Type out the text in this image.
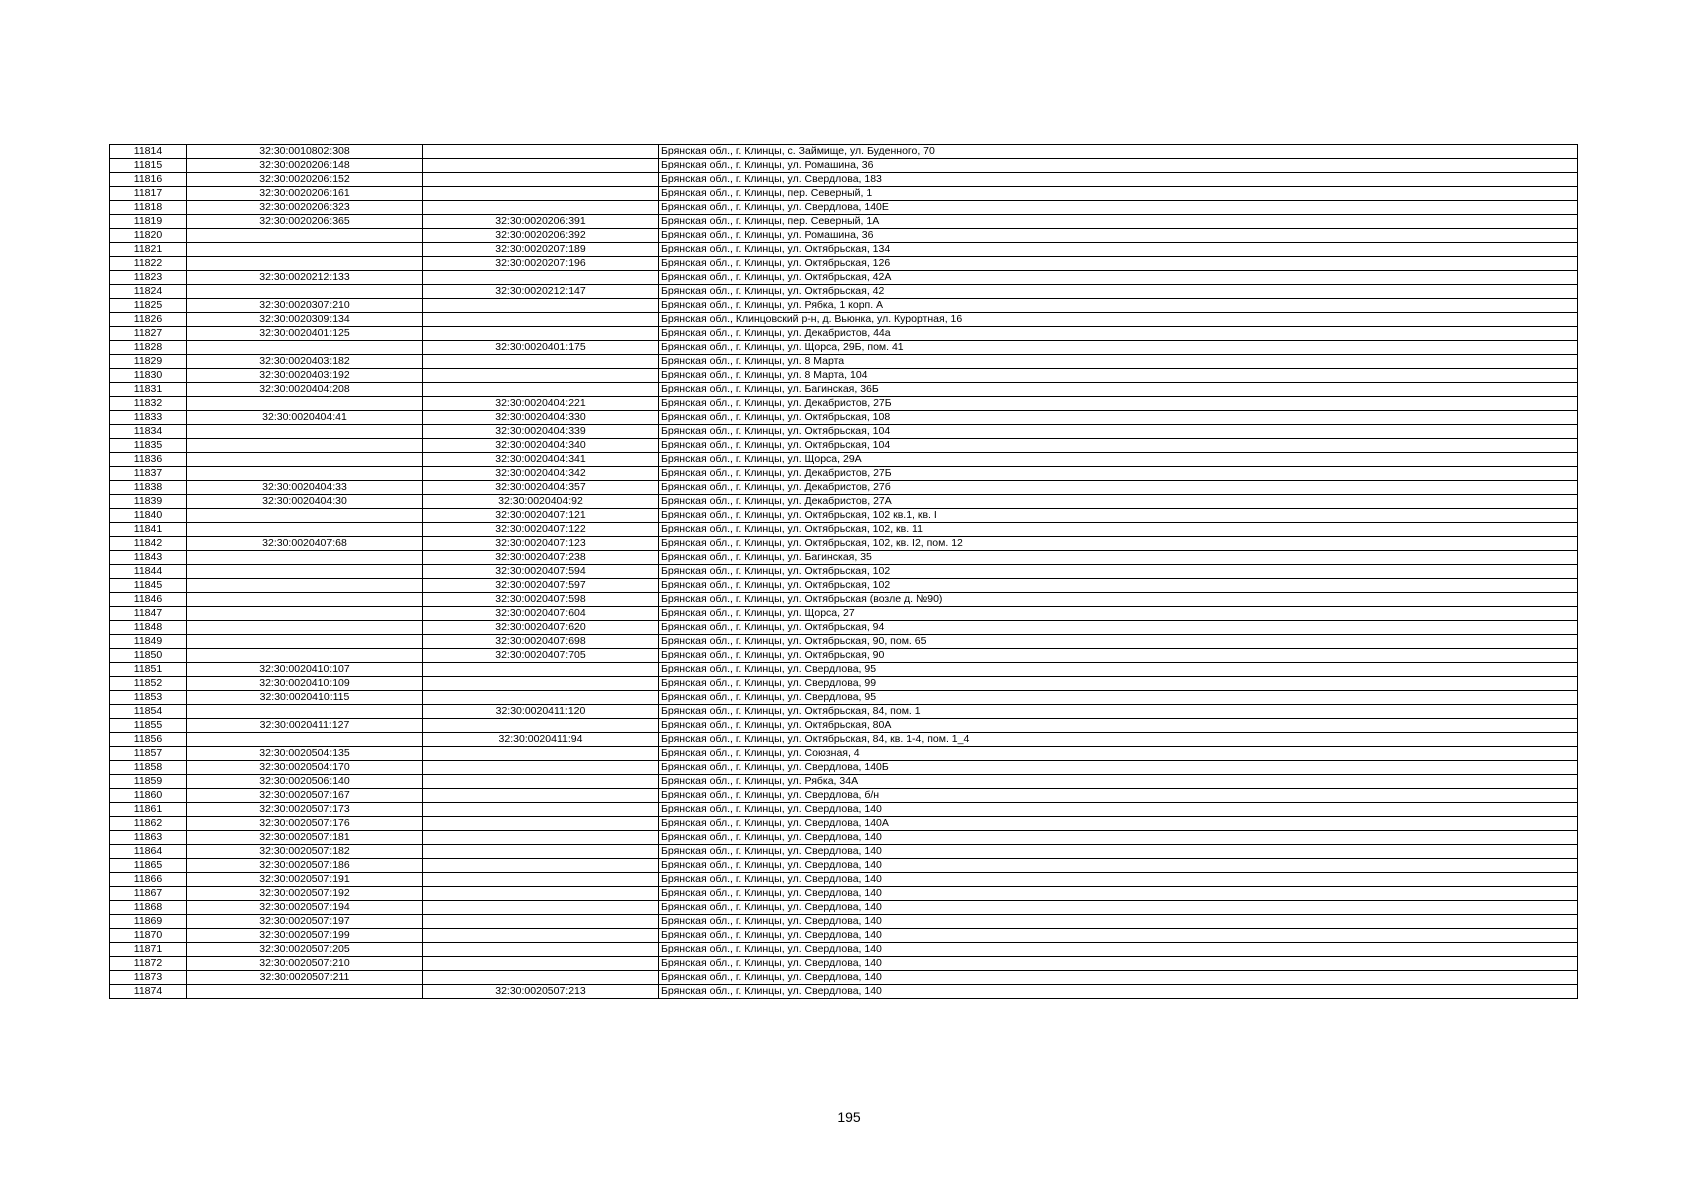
11814	32:30:0010802:308		Брянская обл., г. Клинцы, с. Займище, ул. Буденного, 70
11815	32:30:0020206:148		Брянская обл., г. Клинцы, ул. Ромашина, 36
11816	32:30:0020206:152		Брянская обл., г. Клинцы, ул. Свердлова, 183
11817	32:30:0020206:161		Брянская обл., г. Клинцы, пер. Северный, 1
11818	32:30:0020206:323		Брянская обл., г. Клинцы, ул. Свердлова, 140Е
11819	32:30:0020206:365	32:30:0020206:391	Брянская обл., г. Клинцы, пер. Северный, 1А
11820		32:30:0020206:392	Брянская обл., г. Клинцы, ул. Ромашина, 36
11821		32:30:0020207:189	Брянская обл., г. Клинцы, ул. Октябрьская, 134
11822		32:30:0020207:196	Брянская обл., г. Клинцы, ул. Октябрьская, 126
11823	32:30:0020212:133		Брянская обл., г. Клинцы, ул. Октябрьская, 42А
11824		32:30:0020212:147	Брянская обл., г. Клинцы, ул. Октябрьская, 42
11825	32:30:0020307:210		Брянская обл., г. Клинцы, ул. Рябка, 1 корп. А
11826	32:30:0020309:134		Брянская обл., Клинцовский р-н, д. Вьюнка, ул. Курортная, 16
11827	32:30:0020401:125		Брянская обл., г. Клинцы, ул. Декабристов, 44а
11828		32:30:0020401:175	Брянская обл., г. Клинцы, ул. Щорса, 29Б, пом. 41
11829	32:30:0020403:182		Брянская обл., г. Клинцы, ул. 8 Марта
11830	32:30:0020403:192		Брянская обл., г. Клинцы, ул. 8 Марта, 104
11831	32:30:0020404:208		Брянская обл., г. Клинцы, ул. Багинская, 36Б
11832		32:30:0020404:221	Брянская обл., г. Клинцы, ул. Декабристов, 27Б
11833	32:30:0020404:41	32:30:0020404:330	Брянская обл., г. Клинцы, ул. Октябрьская, 108
11834		32:30:0020404:339	Брянская обл., г. Клинцы, ул. Октябрьская, 104
11835		32:30:0020404:340	Брянская обл., г. Клинцы, ул. Октябрьская, 104
11836		32:30:0020404:341	Брянская обл., г. Клинцы, ул. Щорса, 29А
11837		32:30:0020404:342	Брянская обл., г. Клинцы, ул. Декабристов, 27Б
11838	32:30:0020404:33	32:30:0020404:357	Брянская обл., г. Клинцы, ул. Декабристов, 27б
11839	32:30:0020404:30	32:30:0020404:92	Брянская обл., г. Клинцы, ул. Декабристов, 27А
11840		32:30:0020407:121	Брянская обл., г. Клинцы, ул. Октябрьская, 102 кв.1, кв. I
11841		32:30:0020407:122	Брянская обл., г. Клинцы, ул. Октябрьская, 102, кв. 11
11842	32:30:0020407:68	32:30:0020407:123	Брянская обл., г. Клинцы, ул. Октябрьская, 102, кв. I2, пом. 12
11843		32:30:0020407:238	Брянская обл., г. Клинцы, ул. Багинская, 35
11844		32:30:0020407:594	Брянская обл., г. Клинцы, ул. Октябрьская, 102
11845		32:30:0020407:597	Брянская обл., г. Клинцы, ул. Октябрьская, 102
11846		32:30:0020407:598	Брянская обл., г. Клинцы, ул. Октябрьская (возле д. №90)
11847		32:30:0020407:604	Брянская обл., г. Клинцы, ул. Щорса, 27
11848		32:30:0020407:620	Брянская обл., г. Клинцы, ул. Октябрьская, 94
11849		32:30:0020407:698	Брянская обл., г. Клинцы, ул. Октябрьская, 90, пом. 65
11850		32:30:0020407:705	Брянская обл., г. Клинцы, ул. Октябрьская, 90
11851	32:30:0020410:107		Брянская обл., г. Клинцы, ул. Свердлова, 95
11852	32:30:0020410:109		Брянская обл., г. Клинцы, ул. Свердлова, 99
11853	32:30:0020410:115		Брянская обл., г. Клинцы, ул. Свердлова, 95
11854		32:30:0020411:120	Брянская обл., г. Клинцы, ул. Октябрьская, 84, пом. 1
11855	32:30:0020411:127		Брянская обл., г. Клинцы, ул. Октябрьская, 80А
11856		32:30:0020411:94	Брянская обл., г. Клинцы, ул. Октябрьская, 84, кв. 1-4, пом. 1_4
11857	32:30:0020504:135		Брянская обл., г. Клинцы, ул. Союзная, 4
11858	32:30:0020504:170		Брянская обл., г. Клинцы, ул. Свердлова, 140Б
11859	32:30:0020506:140		Брянская обл., г. Клинцы, ул. Рябка, 34А
11860	32:30:0020507:167		Брянская обл., г. Клинцы, ул. Свердлова, б/н
11861	32:30:0020507:173		Брянская обл., г. Клинцы, ул. Свердлова, 140
11862	32:30:0020507:176		Брянская обл., г. Клинцы, ул. Свердлова, 140А
11863	32:30:0020507:181		Брянская обл., г. Клинцы, ул. Свердлова, 140
11864	32:30:0020507:182		Брянская обл., г. Клинцы, ул. Свердлова, 140
11865	32:30:0020507:186		Брянская обл., г. Клинцы, ул. Свердлова, 140
11866	32:30:0020507:191		Брянская обл., г. Клинцы, ул. Свердлова, 140
11867	32:30:0020507:192		Брянская обл., г. Клинцы, ул. Свердлова, 140
11868	32:30:0020507:194		Брянская обл., г. Клинцы, ул. Свердлова, 140
11869	32:30:0020507:197		Брянская обл., г. Клинцы, ул. Свердлова, 140
11870	32:30:0020507:199		Брянская обл., г. Клинцы, ул. Свердлова, 140
11871	32:30:0020507:205		Брянская обл., г. Клинцы, ул. Свердлова, 140
11872	32:30:0020507:210		Брянская обл., г. Клинцы, ул. Свердлова, 140
11873	32:30:0020507:211		Брянская обл., г. Клинцы, ул. Свердлова, 140
11874		32:30:0020507:213	Брянская обл., г. Клинцы, ул. Свердлова, 140
195
